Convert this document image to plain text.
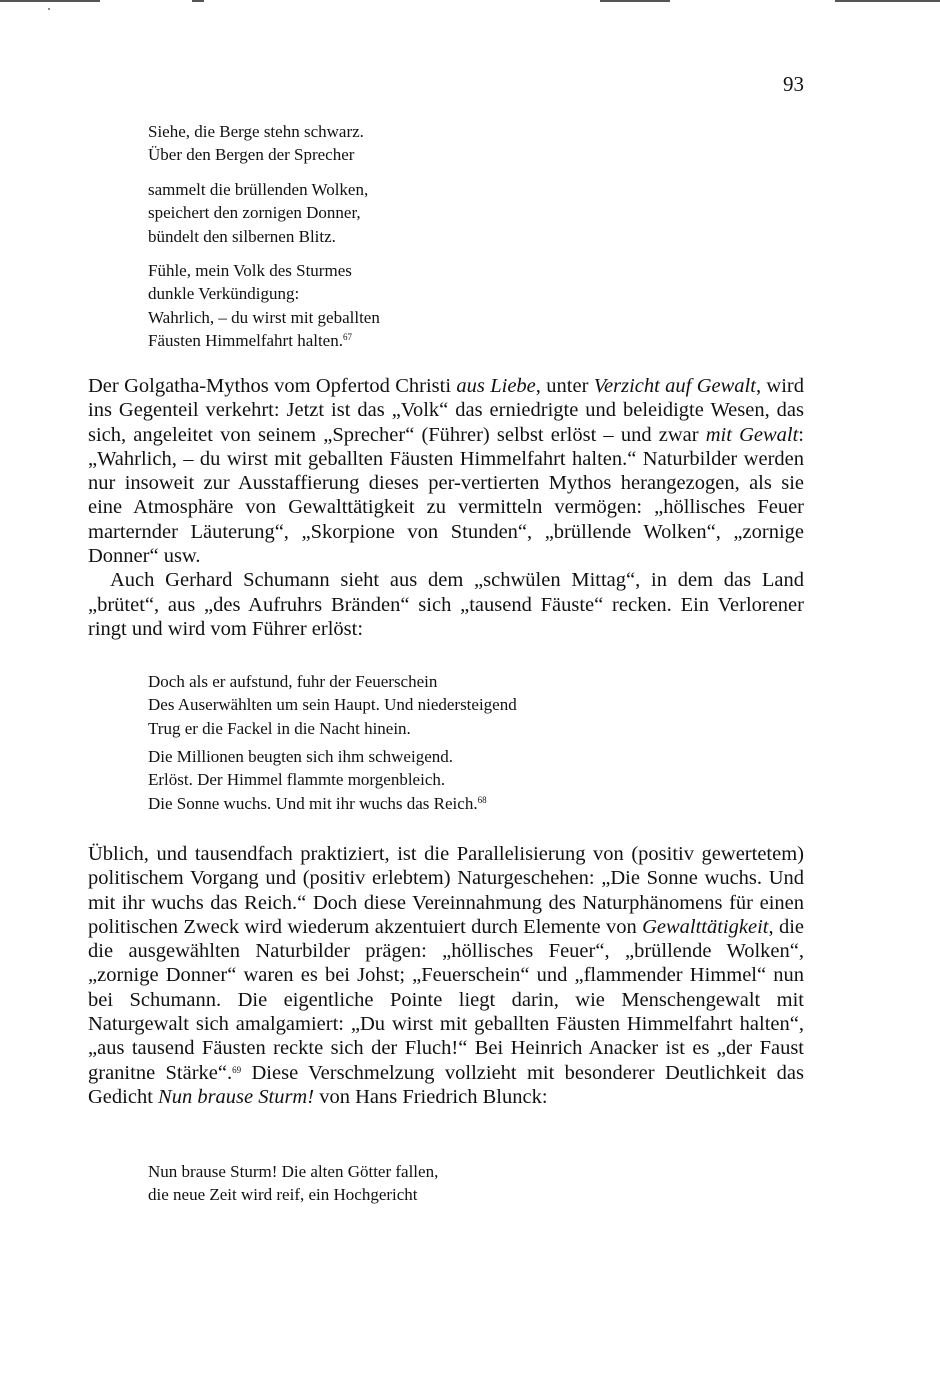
93
Siehe, die Berge stehn schwarz.
Über den Bergen der Sprecher
sammelt die brüllenden Wolken,
speichert den zornigen Donner,
bündelt den silbernen Blitz.
Fühle, mein Volk des Sturmes
dunkle Verkündigung:
Wahrlich, – du wirst mit geballten
Fäusten Himmelfahrt halten.$^{67}$

Der Golgatha-Mythos vom Opfertod Christi aus Liebe, unter Verzicht auf Gewalt, wird ins Gegenteil verkehrt: Jetzt ist das „Volk“ das erniedrigte und beleidigte Wesen, das sich, angeleitet von seinem „Sprecher“ (Führer) selbst erlöst – und zwar mit Gewalt: „Wahrlich, – du wirst mit geballten Fäusten Himmelfahrt halten.“ Naturbilder werden nur insoweit zur Ausstaffierung dieses per-vertierten Mythos herangezogen, als sie eine Atmosphäre von Gewalttätigkeit zu vermitteln vermögen: „höllisches Feuer marternder Läuterung“, „Skorpione von Stunden“, „brüllende Wolken“, „zornige Donner“ usw.

Auch Gerhard Schumann sieht aus dem „schwülen Mittag“, in dem das Land „brütet“, aus „des Aufruhrs Bränden“ sich „tausend Fäuste“ recken. Ein Verlorener ringt und wird vom Führer erlöst:

Doch als er aufstund, fuhr der Feuerschein
Des Auserwählten um sein Haupt. Und niedersteigend
Trug er die Fackel in die Nacht hinein.
Die Millionen beugten sich ihm schweigend.
Erlöst. Der Himmel flammte morgenbleich.
Die Sonne wuchs. Und mit ihr wuchs das Reich.$^{68}$

Üblich, und tausendfach praktiziert, ist die Parallelisierung von (positiv gewertetem) politischem Vorgang und (positiv erlebtem) Naturgeschehen: „Die Sonne wuchs. Und mit ihr wuchs das Reich.“ Doch diese Vereinnahmung des Naturphänomens für einen politischen Zweck wird wiederum akzentuiert durch Elemente von Gewalttätigkeit, die die ausgewählten Naturbilder prägen: „höllisches Feuer“, „brüllende Wolken“, „zornige Donner“ waren es bei Johst; „Feuerschein“ und „flammender Himmel“ nun bei Schumann. Die eigentliche Pointe liegt darin, wie Menschengewalt mit Naturgewalt sich amalgamiert: „Du wirst mit geballten Fäusten Himmelfahrt halten“, „aus tausend Fäusten reckte sich der Fluch!“ Bei Heinrich Anacker ist es „der Faust granitne Stärke“.$^{69}$ Diese Verschmelzung vollzieht mit besonderer Deutlichkeit das Gedicht Nun brause Sturm! von Hans Friedrich Blunck:

Nun brause Sturm! Die alten Götter fallen,
die neue Zeit wird reif, ein Hochgericht
